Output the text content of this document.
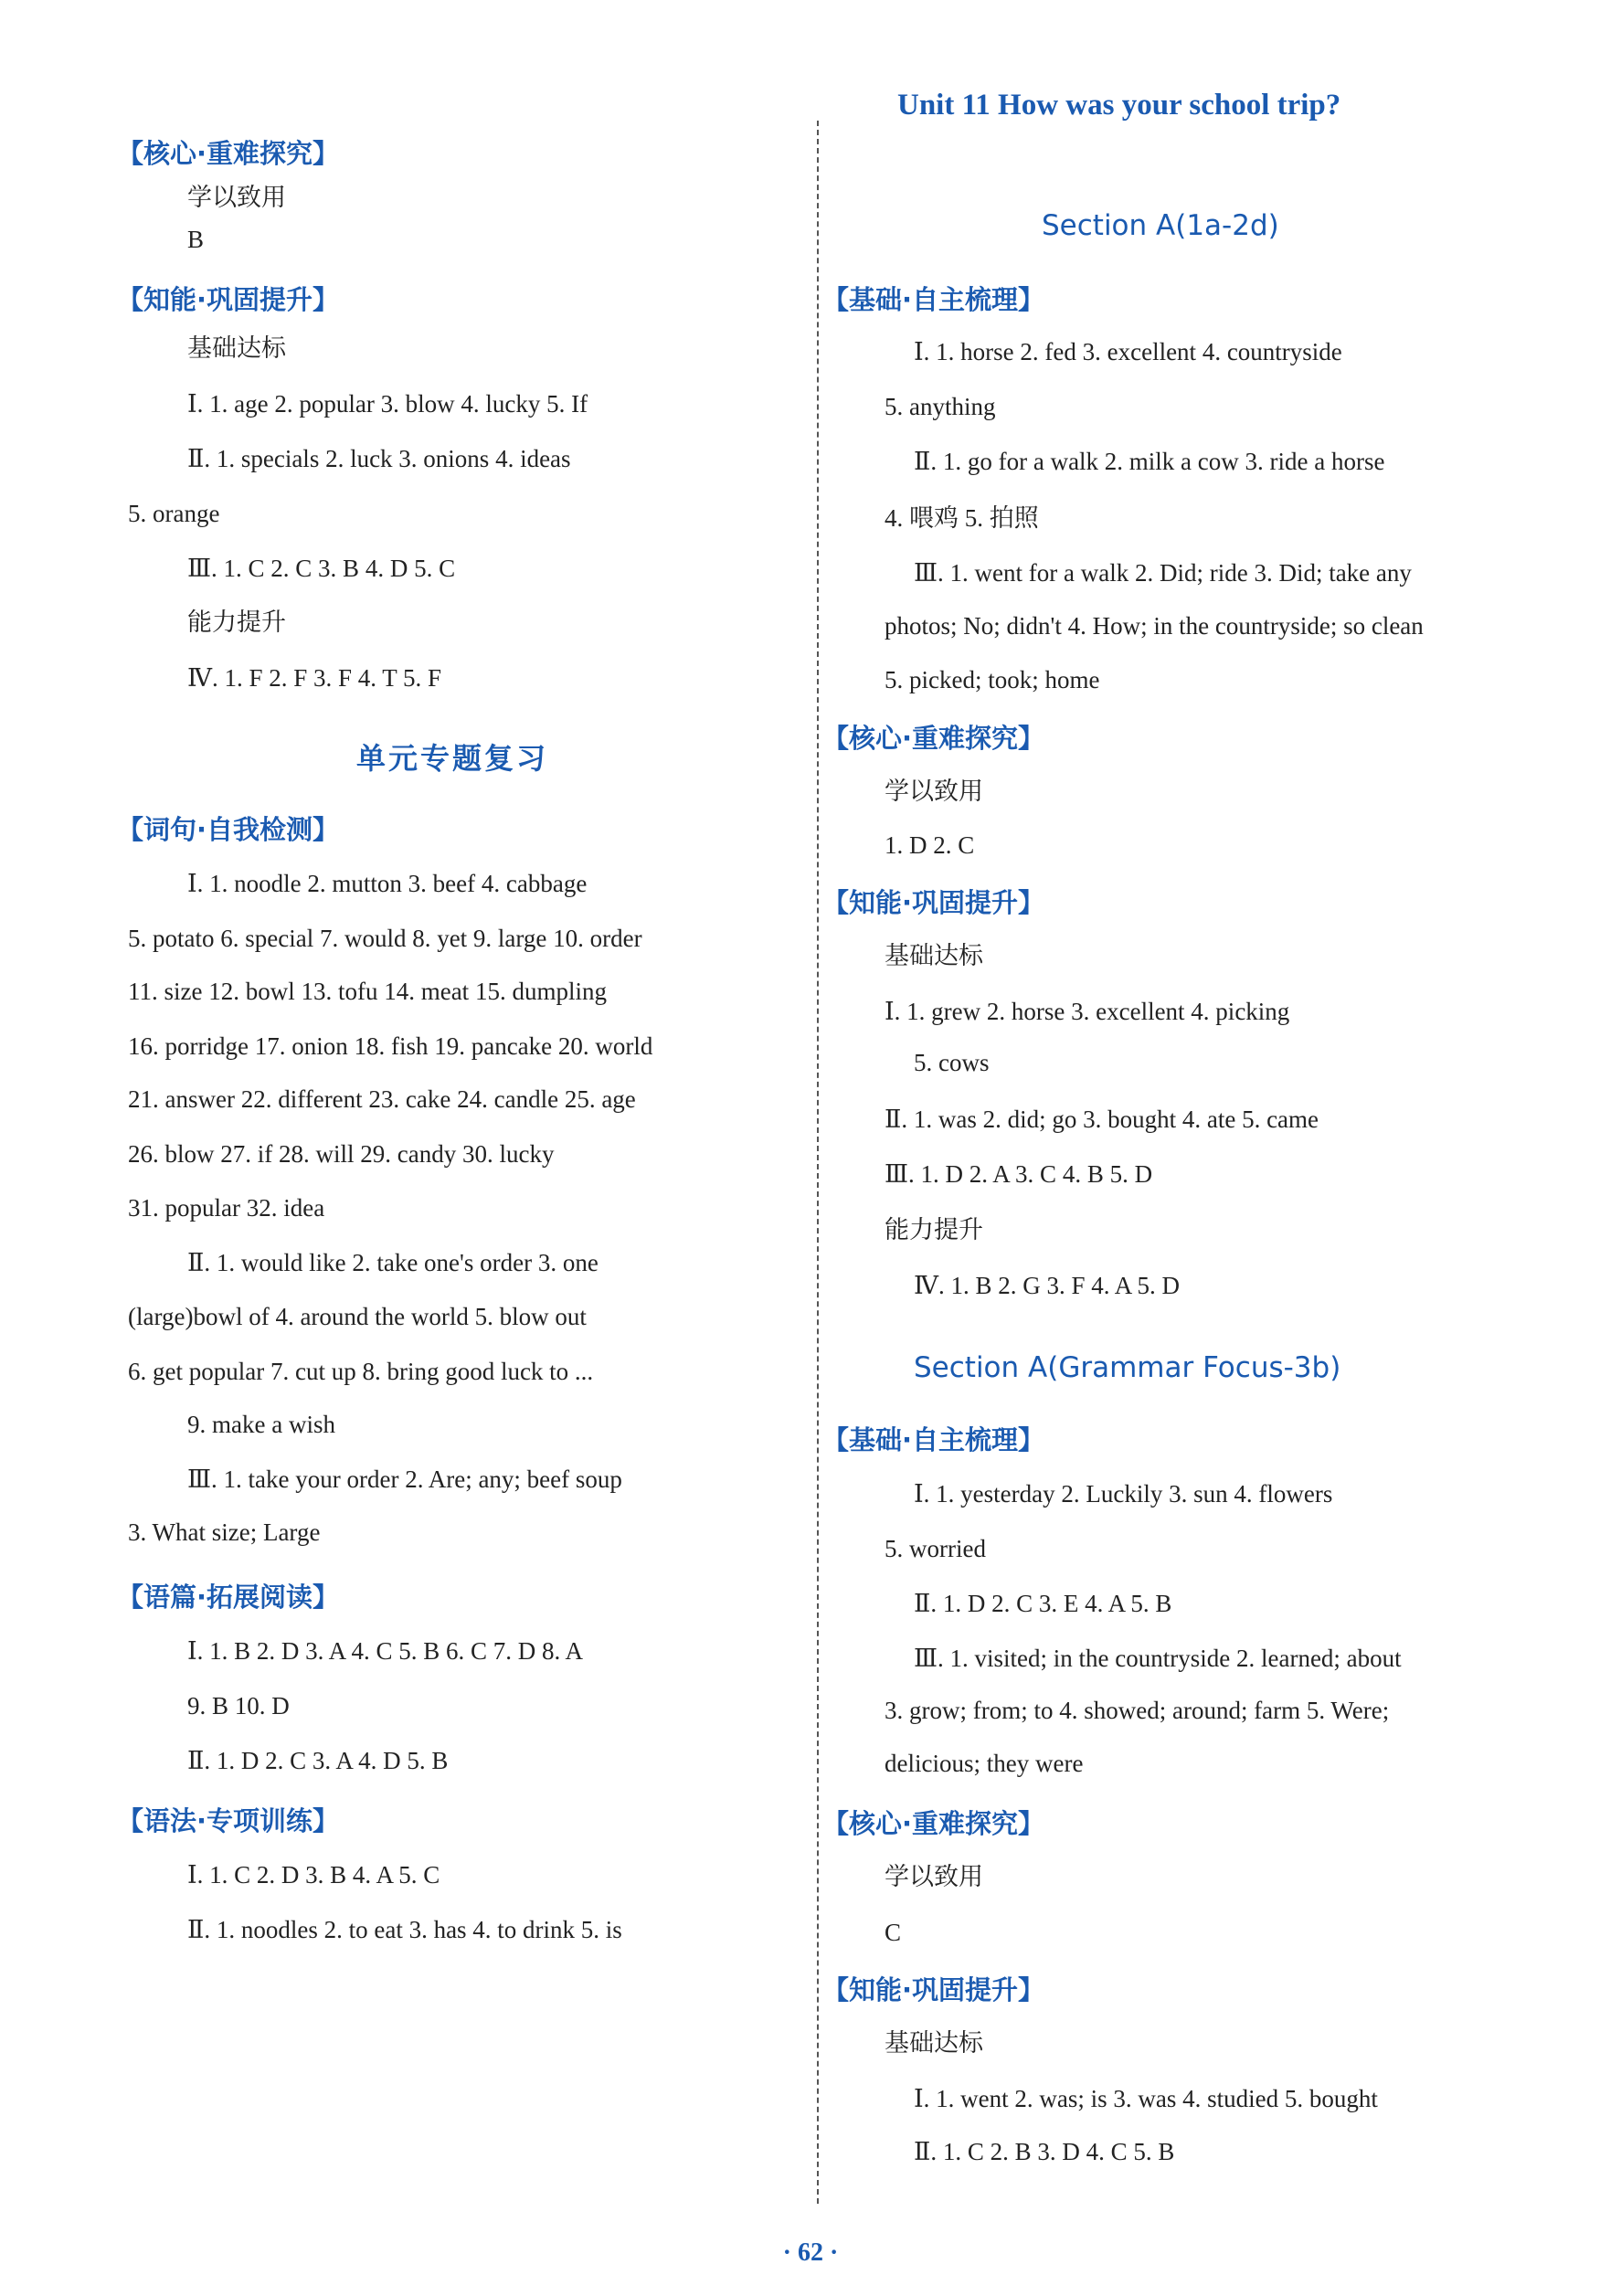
【核心·重难探究】
学以致用
B
【知能·巩固提升】
基础达标
Ⅰ. 1. age 2. popular 3. blow 4. lucky 5. If
Ⅱ. 1. specials 2. luck 3. onions 4. ideas
5. orange
Ⅲ. 1. C 2. C 3. B 4. D 5. C
能力提升
Ⅳ. 1. F 2. F 3. F 4. T 5. F
单元专题复习
【词句·自我检测】
Ⅰ. 1. noodle 2. mutton 3. beef 4. cabbage
5. potato 6. special 7. would 8. yet 9. large 10. order
11. size 12. bowl 13. tofu 14. meat 15. dumpling
16. porridge 17. onion 18. fish 19. pancake 20. world
21. answer 22. different 23. cake 24. candle 25. age
26. blow 27. if 28. will 29. candy 30. lucky
31. popular 32. idea
Ⅱ. 1. would like 2. take one's order 3. one
(large)bowl of 4. around the world 5. blow out
6. get popular 7. cut up 8. bring good luck to ...
9. make a wish
Ⅲ. 1. take your order 2. Are; any; beef soup
3. What size; Large
【语篇·拓展阅读】
Ⅰ. 1. B 2. D 3. A 4. C 5. B 6. C 7. D 8. A
9. B 10. D
Ⅱ. 1. D 2. C 3. A 4. D 5. B
【语法·专项训练】
Ⅰ. 1. C 2. D 3. B 4. A 5. C
Ⅱ. 1. noodles 2. to eat 3. has 4. to drink 5. is
Unit 11 How was your school trip?
Section A(1a-2d)
【基础·自主梳理】
Ⅰ. 1. horse 2. fed 3. excellent 4. countryside
5. anything
Ⅱ. 1. go for a walk 2. milk a cow 3. ride a horse
4. 喂鸡 5. 拍照
Ⅲ. 1. went for a walk 2. Did; ride 3. Did; take any
photos; No; didn't 4. How; in the countryside; so clean
5. picked; took; home
【核心·重难探究】
学以致用
1. D 2. C
【知能·巩固提升】
基础达标
Ⅰ. 1. grew 2. horse 3. excellent 4. picking
5. cows
Ⅱ. 1. was 2. did; go 3. bought 4. ate 5. came
Ⅲ. 1. D 2. A 3. C 4. B 5. D
能力提升
Ⅳ. 1. B 2. G 3. F 4. A 5. D
Section A(Grammar Focus-3b)
【基础·自主梳理】
Ⅰ. 1. yesterday 2. Luckily 3. sun 4. flowers
5. worried
Ⅱ. 1. D 2. C 3. E 4. A 5. B
Ⅲ. 1. visited; in the countryside 2. learned; about
3. grow; from; to 4. showed; around; farm 5. Were;
delicious; they were
【核心·重难探究】
学以致用
C
【知能·巩固提升】
基础达标
Ⅰ. 1. went 2. was; is 3. was 4. studied 5. bought
Ⅱ. 1. C 2. B 3. D 4. C 5. B
· 62 ·
